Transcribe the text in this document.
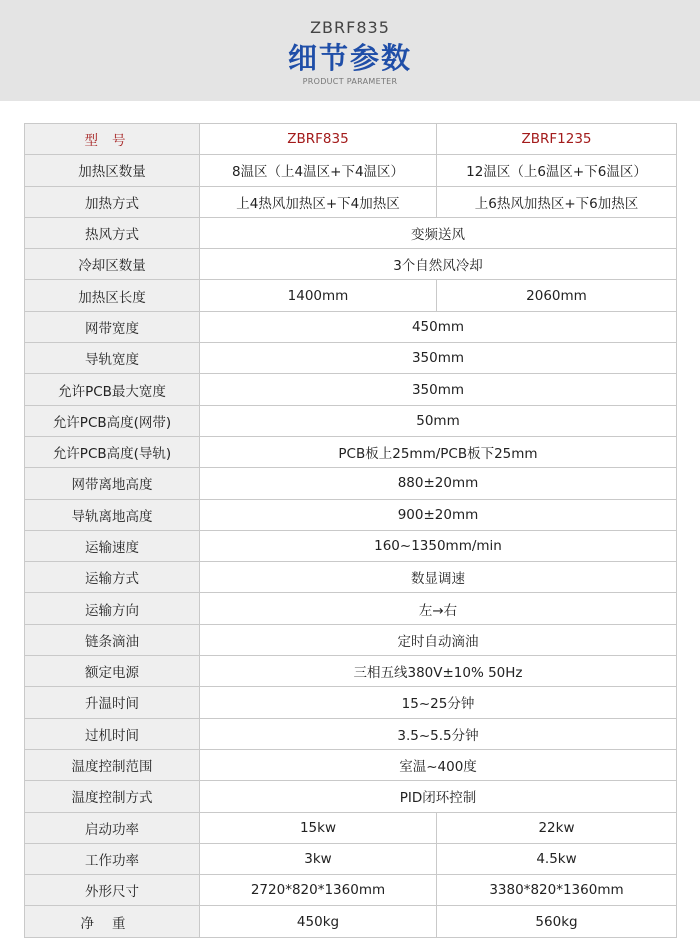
ZBRF835
细节参数
PRODUCT PARAMETER
型号	ZBRF835	ZBRF1235
加热区数量	8温区（上4温区+下4温区）	12温区（上6温区+下6温区）
加热方式	上4热风加热区+下4加热区	上6热风加热区+下6加热区
热风方式	变频送风	
冷却区数量	3个自然风冷却	
加热区长度	1400mm	2060mm
网带宽度	450mm	
导轨宽度	350mm	
允许PCB最大宽度	350mm	
允许PCB高度(网带)	50mm	
允许PCB高度(导轨)	PCB板上25mm/PCB板下25mm	
网带离地高度	880±20mm	
导轨离地高度	900±20mm	
运输速度	160~1350mm/min	
运输方式	数显调速	
运输方向	左→右	
链条滴油	定时自动滴油	
额定电源	三相五线380V±10% 50Hz	
升温时间	15~25分钟	
过机时间	3.5~5.5分钟	
温度控制范围	室温~400度	
温度控制方式	PID闭环控制	
启动功率	15kw	22kw
工作功率	3kw	4.5kw
外形尺寸	2720*820*1360mm	3380*820*1360mm
净重	450kg	560kg
